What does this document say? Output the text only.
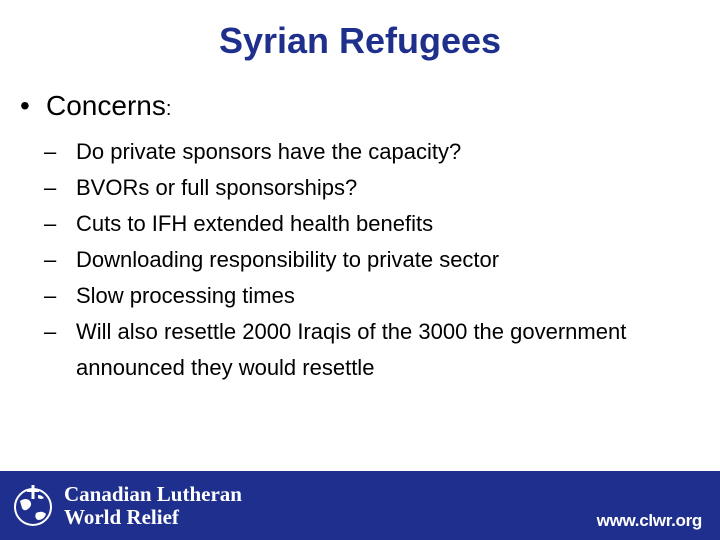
Syrian Refugees
• Concerns:
– Do private sponsors have the capacity?
– BVORs or full sponsorships?
– Cuts to IFH extended health benefits
– Downloading responsibility to private sector
– Slow processing times
– Will also resettle 2000 Iraqis of the 3000 the government announced they would resettle
Canadian Lutheran
World Relief	www.clwr.org
